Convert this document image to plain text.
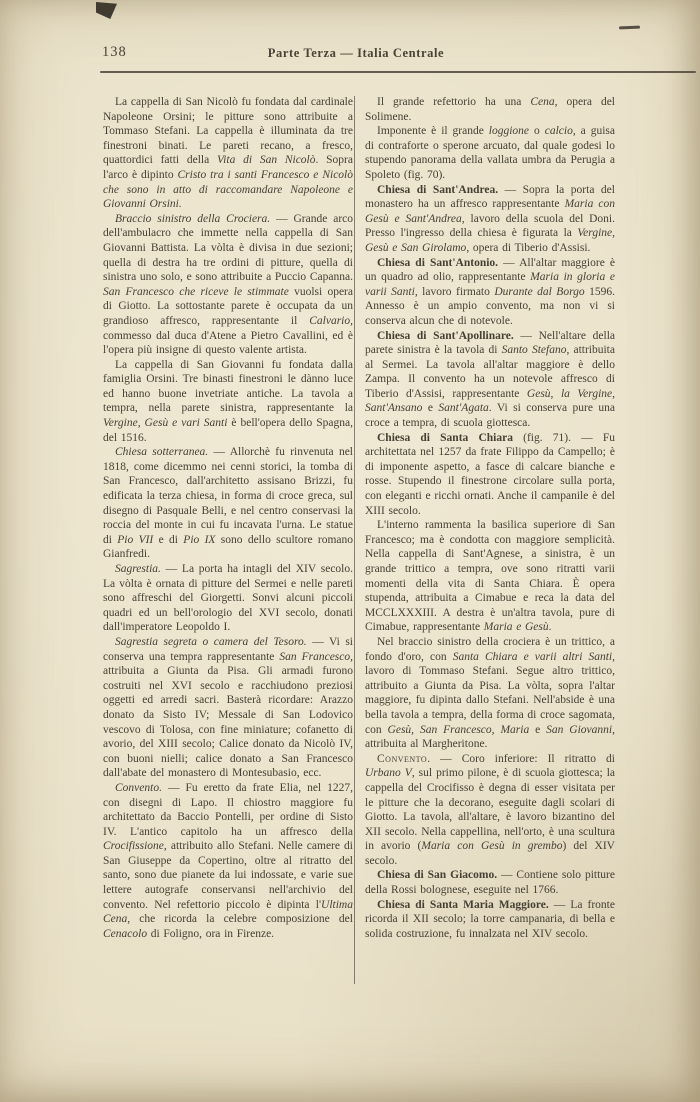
138	Parte Terza — Italia Centrale

La cappella di San Nicolò fu fondata dal cardinale Napoleone Orsini; le pitture sono attribuite a Tommaso Stefani. La cappella è illuminata da tre finestroni binati. Le pareti recano, a fresco, quattordici fatti della Vita di San Nicolò. Sopra l'arco è dipinto Cristo tra i santi Francesco e Nicolò che sono in atto di raccomandare Napoleone e Giovanni Orsini.

Braccio sinistro della Crociera. — Grande arco dell'ambulacro che immette nella cappella di San Giovanni Battista. La vòlta è divisa in due sezioni; quella di destra ha tre ordini di pitture, quella di sinistra uno solo, e sono attribuite a Puccio Capanna. San Francesco che riceve le stimmate vuolsi opera di Giotto. La sottostante parete è occupata da un grandioso affresco, rappresentante il Calvario, commesso dal duca d'Atene a Pietro Cavallini, ed è l'opera più insigne di questo valente artista.

La cappella di San Giovanni fu fondata dalla famiglia Orsini. Tre binasti finestroni le dànno luce ed hanno buone invetriate antiche. La tavola a tempra, nella parete sinistra, rappresentante la Vergine, Gesù e vari Santi è bell'opera dello Spagna, del 1516.

Chiesa sotterranea. — Allorchè fu rinvenuta nel 1818, come dicemmo nei cenni storici, la tomba di San Francesco, dall'architetto assisano Brizzi, fu edificata la terza chiesa, in forma di croce greca, sul disegno di Pasquale Belli, e nel centro conservasi la roccia del monte in cui fu incavata l'urna. Le statue di Pio VII e di Pio IX sono dello scultore romano Gianfredi.

Sagrestia. — La porta ha intagli del XIV secolo. La vòlta è ornata di pitture del Sermei e nelle pareti sono affreschi del Giorgetti. Sonvi alcuni piccoli quadri ed un bell'orologio del XVI secolo, donati dall'imperatore Leopoldo I.

Sagrestia segreta o camera del Tesoro. — Vi si conserva una tempra rappresentante San Francesco, attribuita a Giunta da Pisa. Gli armadi furono costruiti nel XVI secolo e racchiudono preziosi oggetti ed arredi sacri. Basterà ricordare: Arazzo donato da Sisto IV; Messale di San Lodovico vescovo di Tolosa, con fine miniature; cofanetto di avorio, del XIII secolo; Calice donato da Nicolò IV, con buoni nielli; calice donato a San Francesco dall'abate del monastero di Montesubasio, ecc.

Convento. — Fu eretto da frate Elia, nel 1227, con disegni di Lapo. Il chiostro maggiore fu architettato da Baccio Pontelli, per ordine di Sisto IV. L'antico capitolo ha un affresco della Crocifissione, attribuito allo Stefani. Nelle camere di San Giuseppe da Copertino, oltre al ritratto del santo, sono due pianete da lui indossate, e varie sue lettere autografe conservansi nell'archivio del convento. Nel refettorio piccolo è dipinta l'Ultima Cena, che ricorda la celebre composizione del Cenacolo di Foligno, ora in Firenze.

Il grande refettorio ha una Cena, opera del Solimene.

Imponente è il grande loggione o calcio, a guisa di contraforte o sperone arcuato, dal quale godesi lo stupendo panorama della vallata umbra da Perugia a Spoleto (fig. 70).

Chiesa di Sant'Andrea. — Sopra la porta del monastero ha un affresco rappresentante Maria con Gesù e Sant'Andrea, lavoro della scuola del Doni. Presso l'ingresso della chiesa è figurata la Vergine, Gesù e San Girolamo, opera di Tiberio d'Assisi.

Chiesa di Sant'Antonio. — All'altar maggiore è un quadro ad olio, rappresentante Maria in gloria e varii Santi, lavoro firmato Durante dal Borgo 1596. Annesso è un ampio convento, ma non vi si conserva alcun che di notevole.

Chiesa di Sant'Apollinare. — Nell'altare della parete sinistra è la tavola di Santo Stefano, attribuita al Sermei. La tavola all'altar maggiore è dello Zampa. Il convento ha un notevole affresco di Tiberio d'Assisi, rappresentante Gesù, la Vergine, Sant'Ansano e Sant'Agata. Vi si conserva pure una croce a tempra, di scuola giottesca.

Chiesa di Santa Chiara (fig. 71). — Fu architettata nel 1257 da frate Filippo da Campello; è di imponente aspetto, a fasce di calcare bianche e rosse. Stupendo il finestrone circolare sulla porta, con eleganti e ricchi ornati. Anche il campanile è del XIII secolo.

L'interno rammenta la basilica superiore di San Francesco; ma è condotta con maggiore semplicità. Nella cappella di Sant'Agnese, a sinistra, è un grande trittico a tempra, ove sono ritratti varii momenti della vita di Santa Chiara. È opera stupenda, attribuita a Cimabue e reca la data del MCCLXXXIII. A destra è un'altra tavola, pure di Cimabue, rappresentante Maria e Gesù.

Nel braccio sinistro della crociera è un trittico, a fondo d'oro, con Santa Chiara e varii altri Santi, lavoro di Tommaso Stefani. Segue altro trittico, attribuito a Giunta da Pisa. La vòlta, sopra l'altar maggiore, fu dipinta dallo Stefani. Nell'abside è una bella tavola a tempra, della forma di croce sagomata, con Gesù, San Francesco, Maria e San Giovanni, attribuita al Margheritone.

Convento. — Coro inferiore: Il ritratto di Urbano V, sul primo pilone, è di scuola giottesca; la cappella del Crocifisso è degna di esser visitata per le pitture che la decorano, eseguite dagli scolari di Giotto. La tavola, all'altare, è lavoro bizantino del XII secolo. Nella cappellina, nell'orto, è una scultura in avorio (Maria con Gesù in grembo) del XIV secolo.

Chiesa di San Giacomo. — Contiene solo pitture della Rossi bolognese, eseguite nel 1766.

Chiesa di Santa Maria Maggiore. — La fronte ricorda il XII secolo; la torre campanaria, di bella e solida costruzione, fu innalzata nel XIV secolo.
